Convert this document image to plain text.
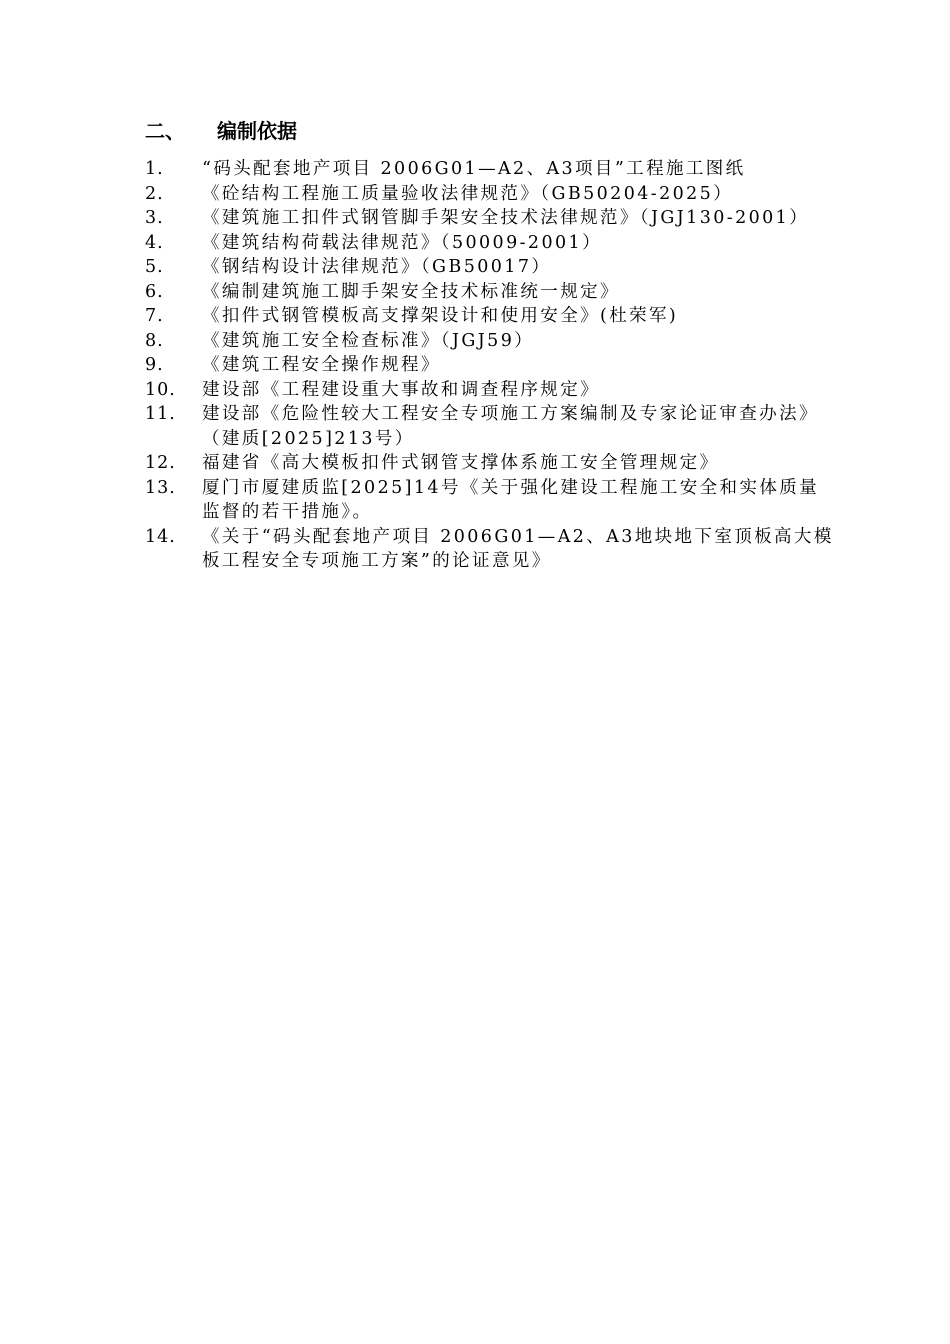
二、	编制依据
1.	“码头配套地产项目 2006G01—A2、A3项目”工程施工图纸
2.	《砼结构工程施工质量验收法律规范》（GB50204-2025）
3.	《建筑施工扣件式钢管脚手架安全技术法律规范》（JGJ130-2001）
4.	《建筑结构荷载法律规范》（50009-2001）
5.	《钢结构设计法律规范》（GB50017）
6.	《编制建筑施工脚手架安全技术标准统一规定》
7.	《扣件式钢管模板高支撑架设计和使用安全》(杜荣军)
8.	《建筑施工安全检查标准》（JGJ59）
9.	《建筑工程安全操作规程》
10.	建设部《工程建设重大事故和调查程序规定》
11.	建设部《危险性较大工程安全专项施工方案编制及专家论证审查办法》（建质[2025]213号）
12.	福建省《高大模板扣件式钢管支撑体系施工安全管理规定》
13.	厦门市厦建质监[2025]14号《关于强化建设工程施工安全和实体质量监督的若干措施》。
14.	《关于“码头配套地产项目 2006G01—A2、A3地块地下室顶板高大模板工程安全专项施工方案”的论证意见》
